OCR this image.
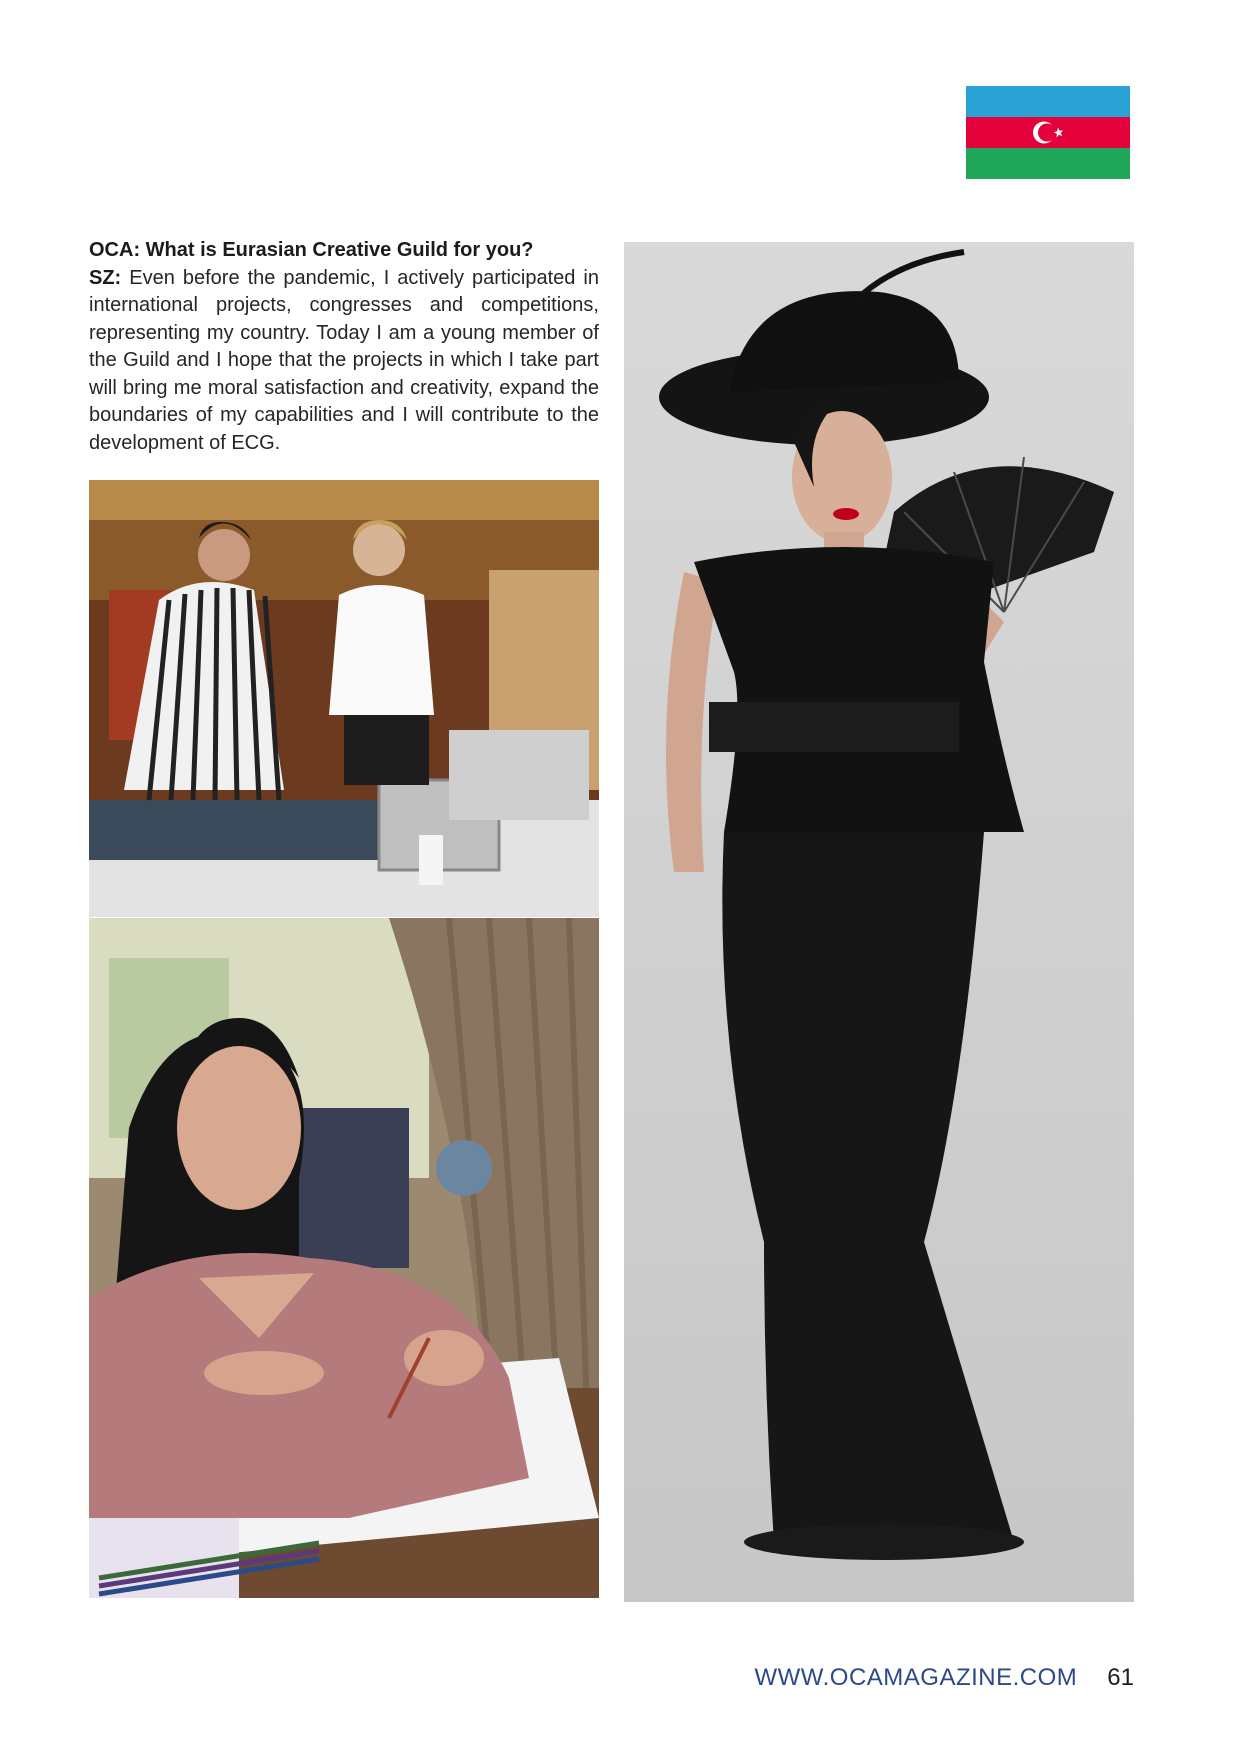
OCA: What is Eurasian Creative Guild for you?
SZ: Even before the pandemic, I actively participated in international projects, congresses and competitions, representing my country. Today I am a young member of the Guild and I hope that the projects in which I take part will bring me moral satisfaction and creativity, expand the boundaries of my capabilities and I will contribute to the development of ECG.
WWW.OCAMAGAZINE.COM 61
